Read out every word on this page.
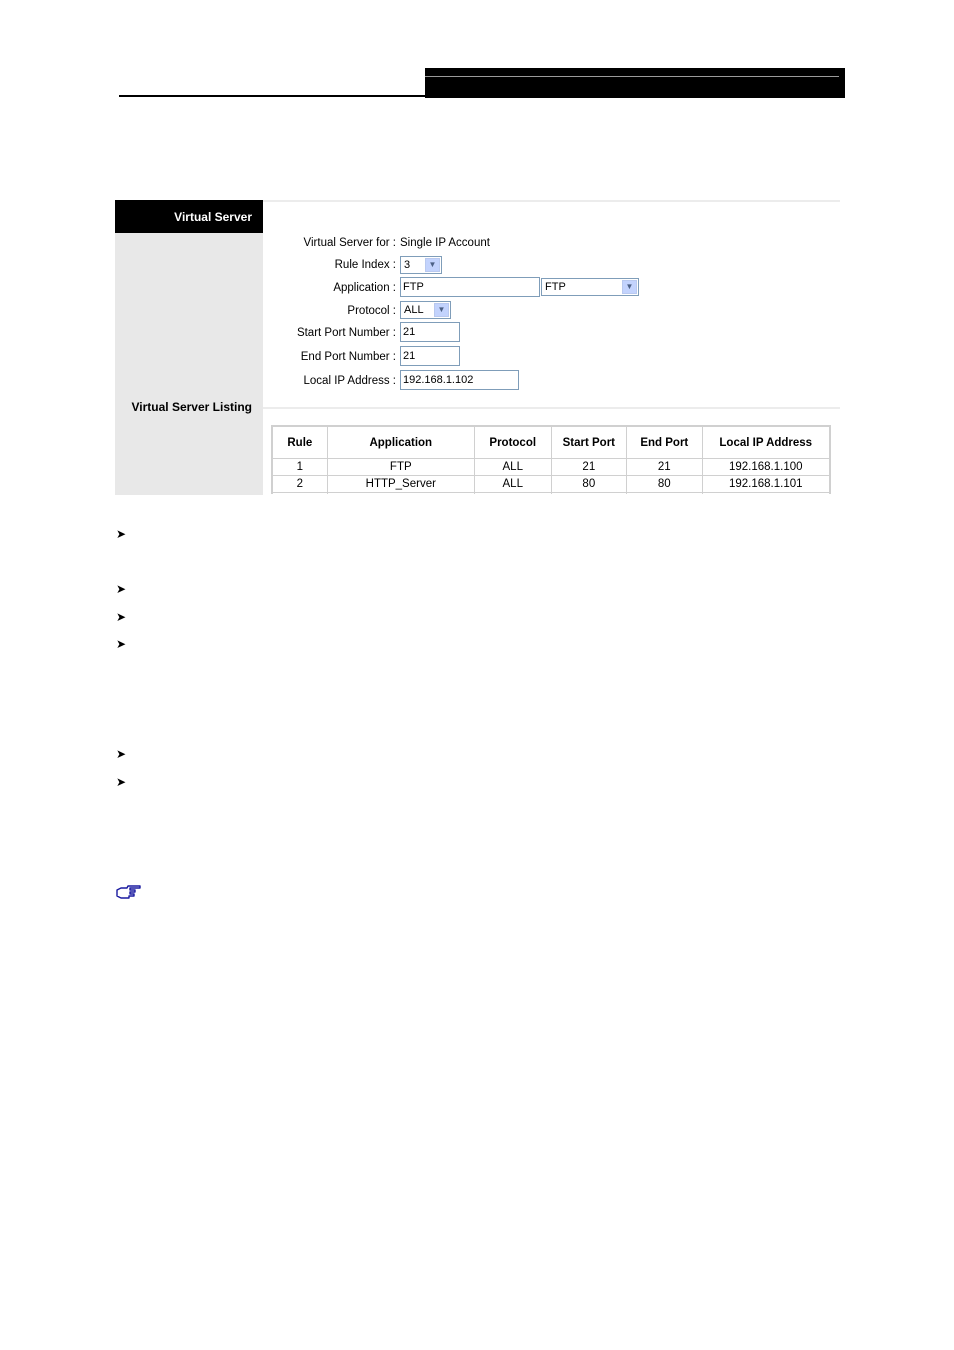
Virtual Server
Virtual Server Listing
Virtual Server for : Single IP Account
Rule Index : 3	▼
Application : FTP	FTP	▼
Protocol : ALL	▼
Start Port Number : 21
End Port Number : 21
Local IP Address : 192.168.1.102
Rule	Application	Protocol	Start Port	End Port	Local IP Address
1	FTP	ALL	21	21	192.168.1.100
2	HTTP_Server	ALL	80	80	192.168.1.101

➤
➤
➤
➤
➤
➤
